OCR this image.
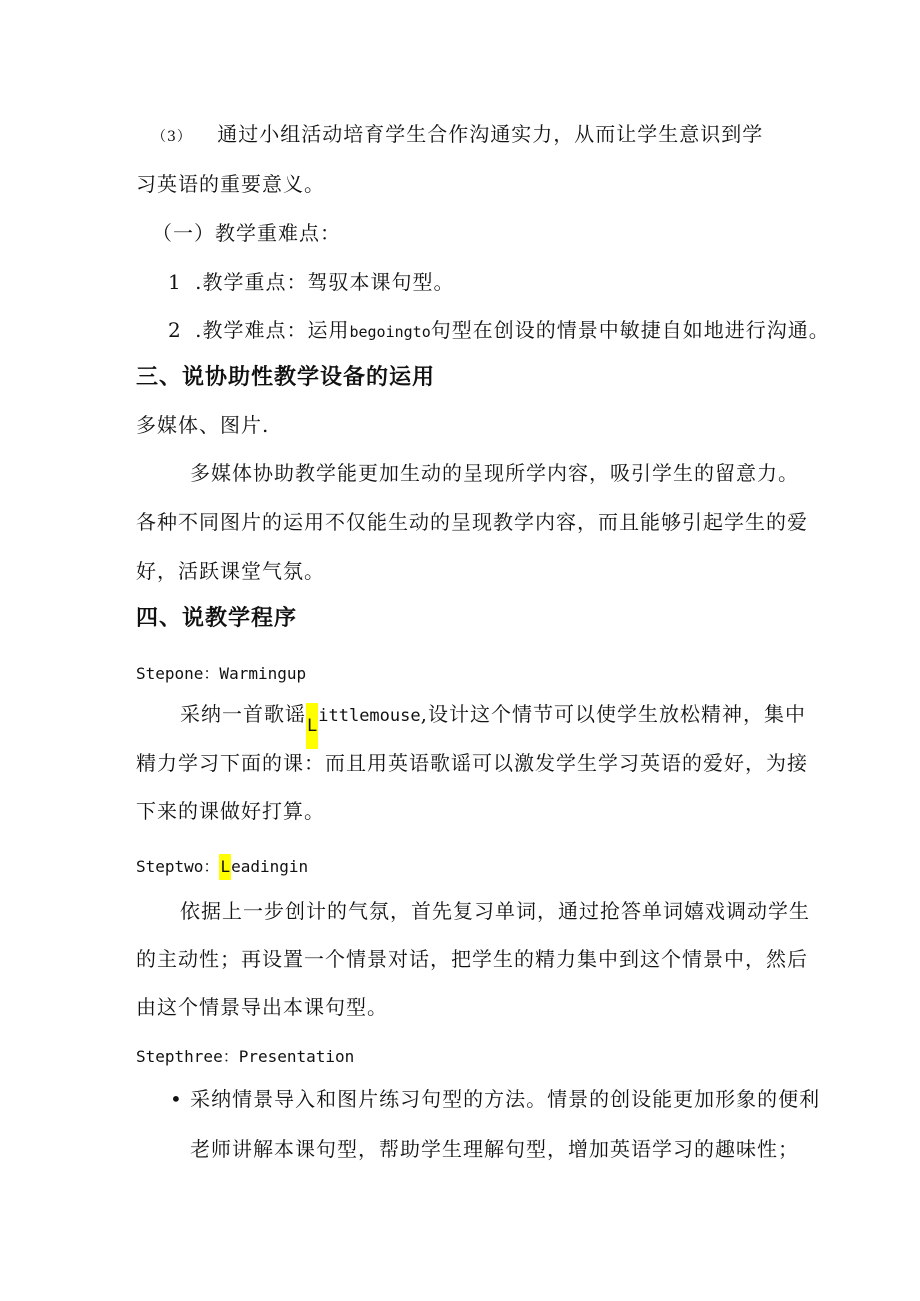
（3） 通过小组活动培育学生合作沟通实力，从而让学生意识到学
习英语的重要意义。
（一）教学重难点：
1 .教学重点：驾驭本课句型。
2 .教学难点：运用begoingto句型在创设的情景中敏捷自如地进行沟通。
三、说协助性教学设备的运用
多媒体、图片.
多媒体协助教学能更加生动的呈现所学内容，吸引学生的留意力。
各种不同图片的运用不仅能生动的呈现教学内容，而且能够引起学生的爱
好，活跃课堂气氛。
四、说教学程序
Stepone：Warmingup
采纳一首歌谣Littlemouse,设计这个情节可以使学生放松精神，集中
精力学习下面的课：而且用英语歌谣可以激发学生学习英语的爱好，为接
下来的课做好打算。
Steptwo：Leadingin
依据上一步创计的气氛，首先复习单词，通过抢答单词嬉戏调动学生
的主动性；再设置一个情景对话，把学生的精力集中到这个情景中，然后
由这个情景导出本课句型。
Stepthree：Presentation
• 采纳情景导入和图片练习句型的方法。情景的创设能更加形象的便利
老师讲解本课句型，帮助学生理解句型，增加英语学习的趣味性；
